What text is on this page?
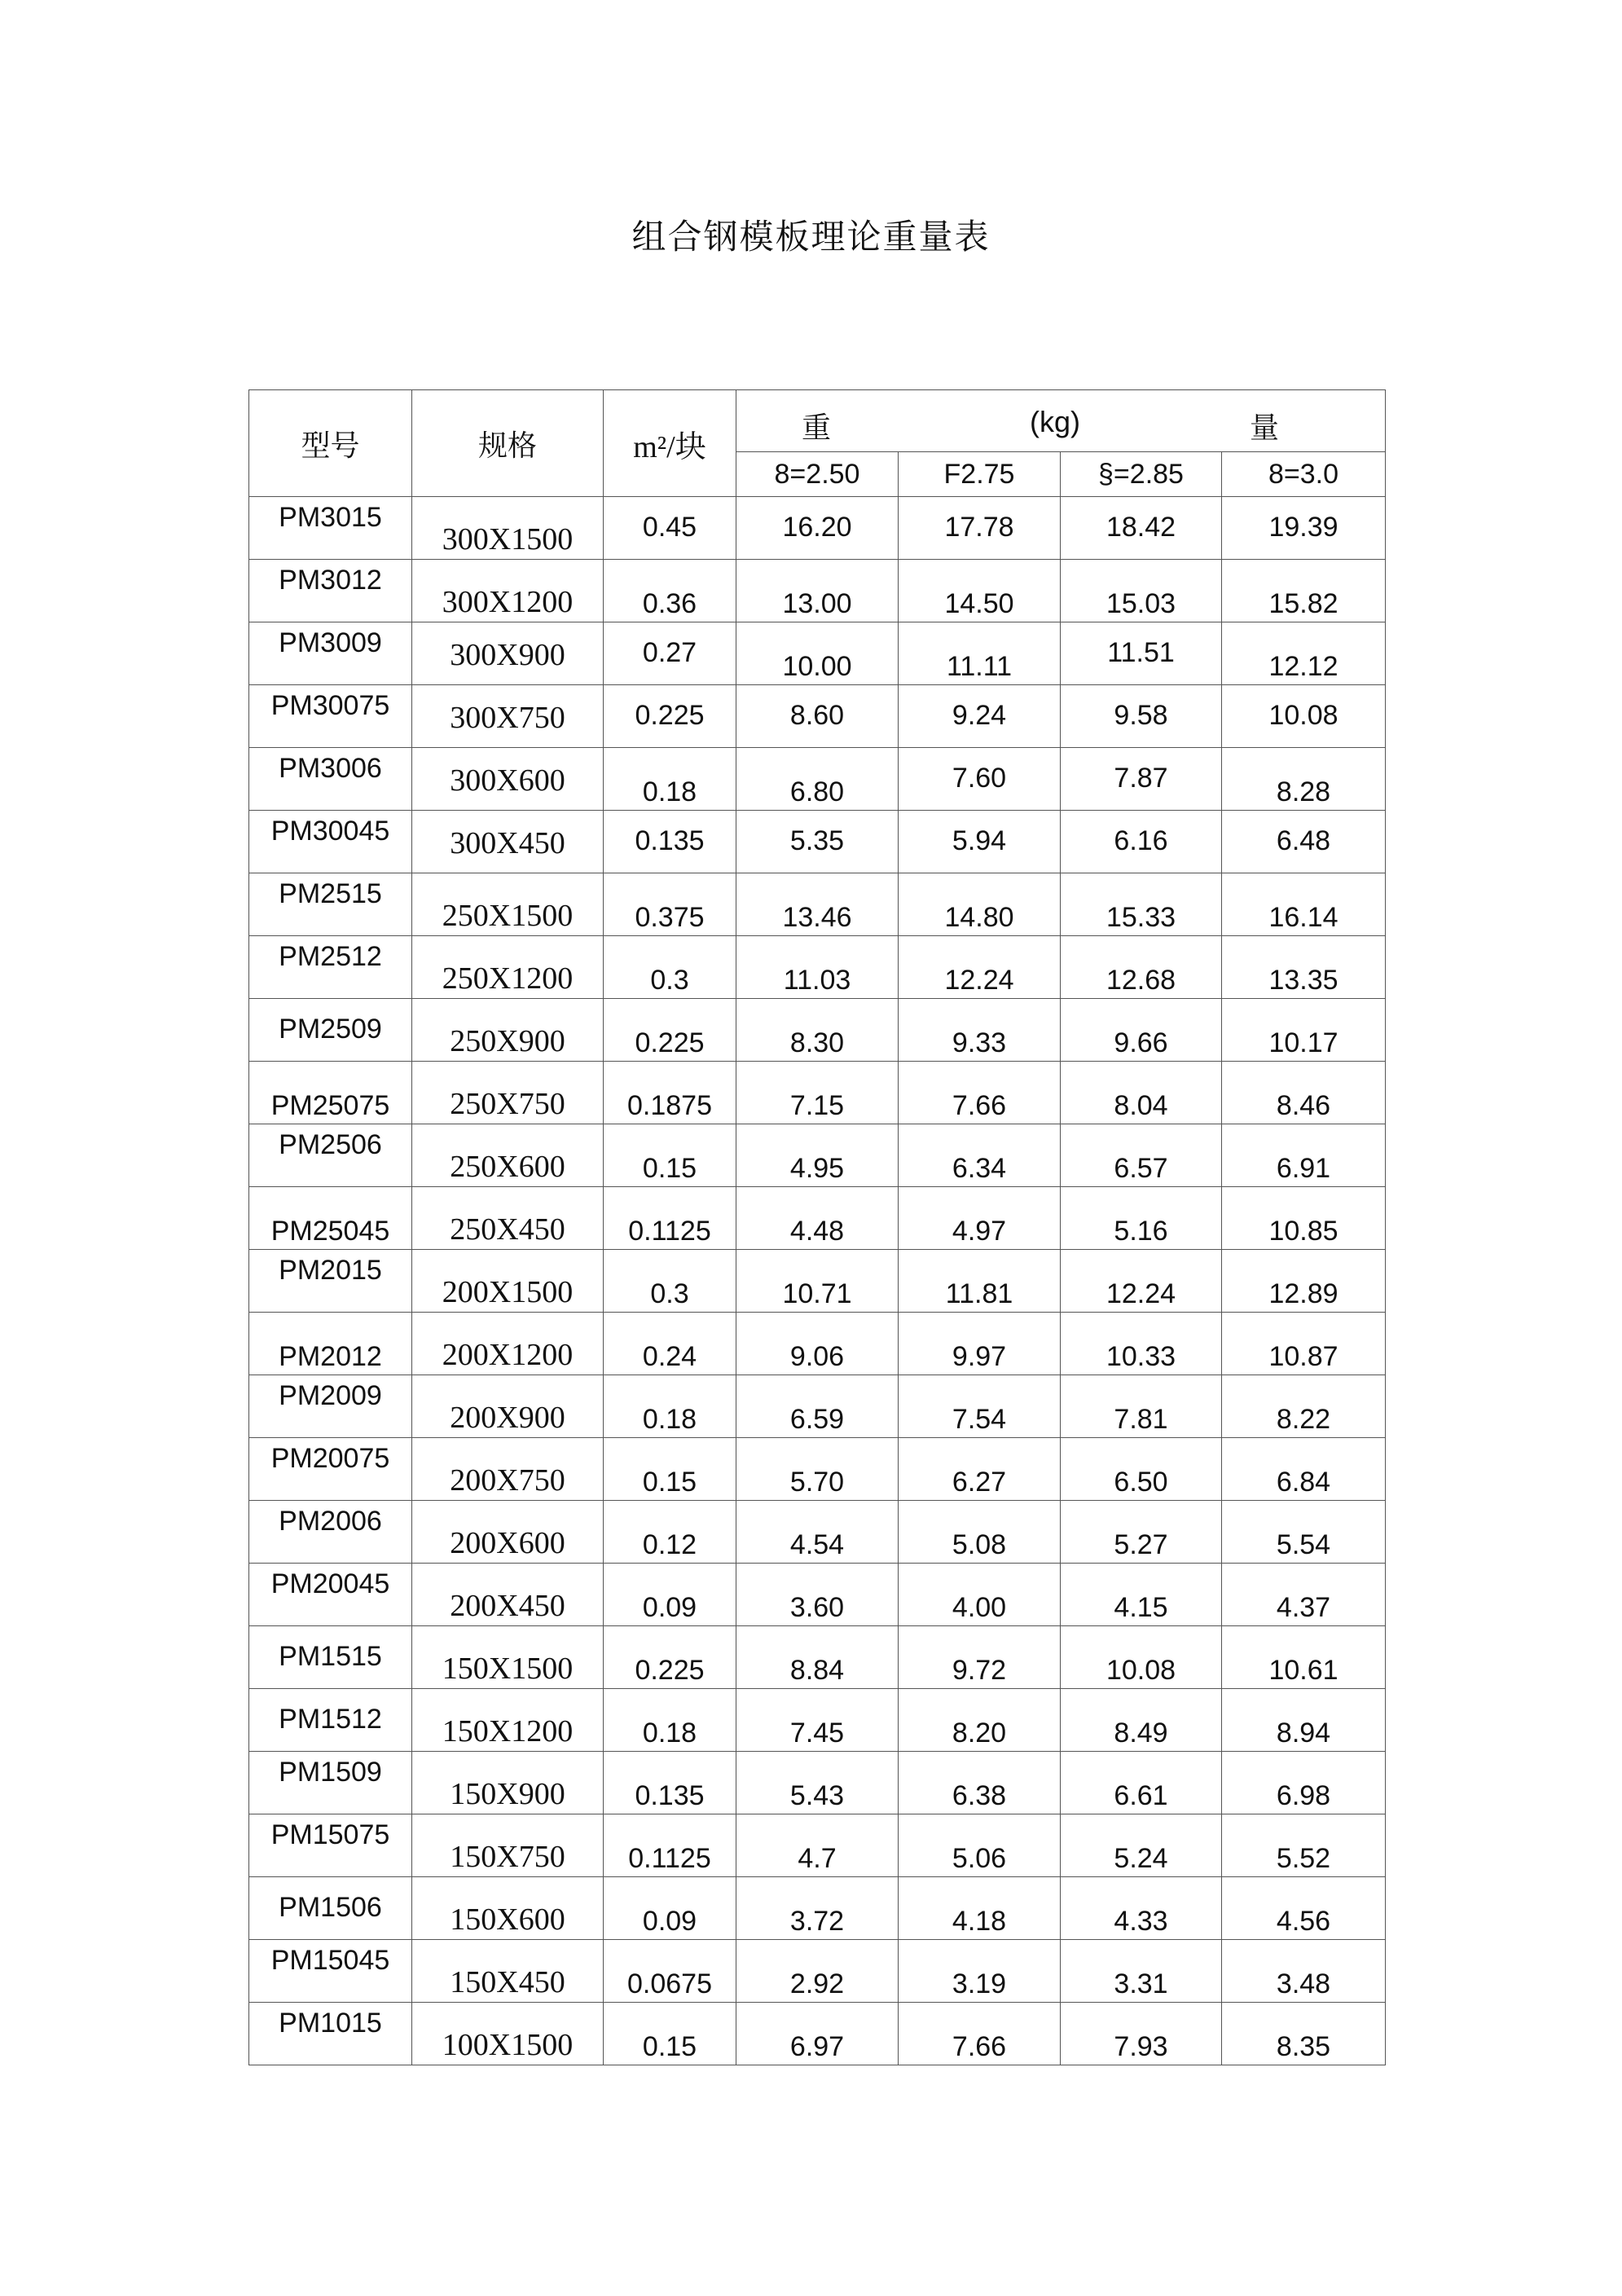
组合钢模板理论重量表
型号	规格	m²/块	重 (kg) 量			

			8=2.50	F2.75	§=2.85	8=3.0

PM3015	300X1500	0.45	16.20	17.78	18.42	19.39

PM3012	300X1200	0.36	13.00	14.50	15.03	15.82

PM3009	300X900	0.27	10.00	11.11	11.51	12.12

PM30075	300X750	0.225	8.60	9.24	9.58	10.08

PM3006	300X600	0.18	6.80	7.60	7.87	8.28

PM30045	300X450	0.135	5.35	5.94	6.16	6.48

PM2515	250X1500	0.375	13.46	14.80	15.33	16.14

PM2512	250X1200	0.3	11.03	12.24	12.68	13.35

PM2509	250X900	0.225	8.30	9.33	9.66	10.17

PM25075	250X750	0.1875	7.15	7.66	8.04	8.46

PM2506	250X600	0.15	4.95	6.34	6.57	6.91

PM25045	250X450	0.1125	4.48	4.97	5.16	10.85

PM2015	200X1500	0.3	10.71	11.81	12.24	12.89

PM2012	200X1200	0.24	9.06	9.97	10.33	10.87

PM2009	200X900	0.18	6.59	7.54	7.81	8.22

PM20075	200X750	0.15	5.70	6.27	6.50	6.84

PM2006	200X600	0.12	4.54	5.08	5.27	5.54

PM20045	200X450	0.09	3.60	4.00	4.15	4.37

PM1515	150X1500	0.225	8.84	9.72	10.08	10.61

PM1512	150X1200	0.18	7.45	8.20	8.49	8.94

PM1509	150X900	0.135	5.43	6.38	6.61	6.98

PM15075	150X750	0.1125	4.7	5.06	5.24	5.52

PM1506	150X600	0.09	3.72	4.18	4.33	4.56

PM15045	150X450	0.0675	2.92	3.19	3.31	3.48

PM1015	100X1500	0.15	6.97	7.66	7.93	8.35
